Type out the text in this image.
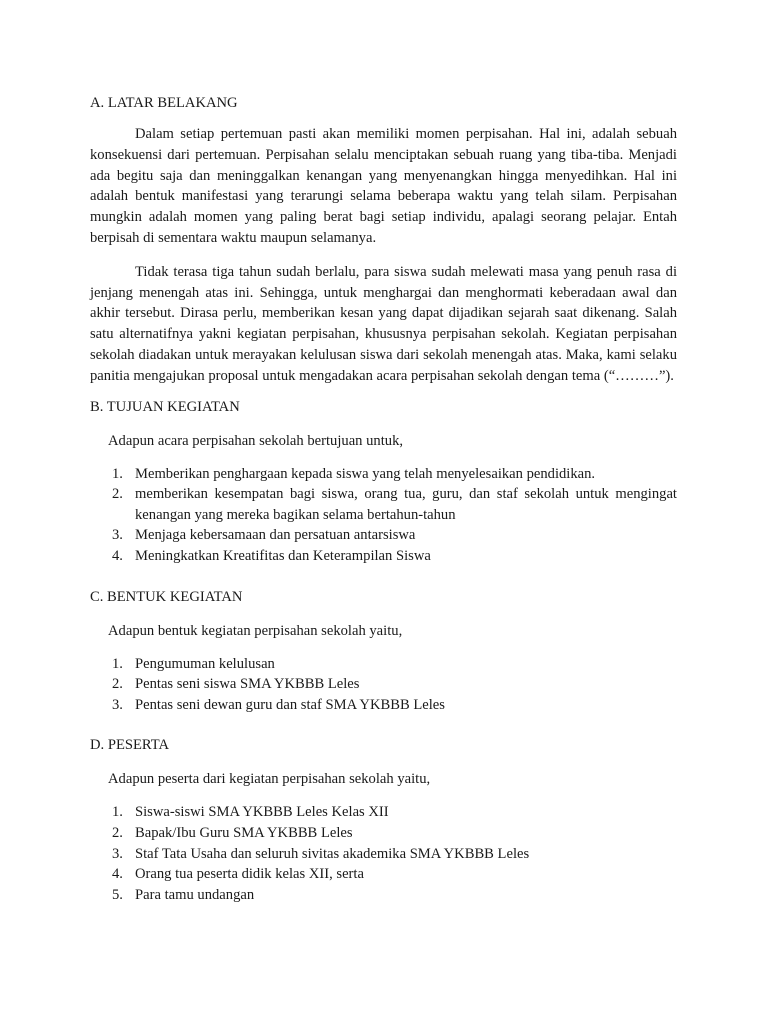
A. LATAR BELAKANG

Dalam setiap pertemuan pasti akan memiliki momen perpisahan. Hal ini, adalah sebuah konsekuensi dari pertemuan. Perpisahan selalu menciptakan sebuah ruang yang tiba-tiba. Menjadi ada begitu saja dan meninggalkan kenangan yang menyenangkan hingga menyedihkan. Hal ini adalah bentuk manifestasi yang terarungi selama beberapa waktu yang telah silam. Perpisahan mungkin adalah momen yang paling berat bagi setiap individu, apalagi seorang pelajar. Entah berpisah di sementara waktu maupun selamanya.

Tidak terasa tiga tahun sudah berlalu, para siswa sudah melewati masa yang penuh rasa di jenjang menengah atas ini. Sehingga, untuk menghargai dan menghormati keberadaan awal dan akhir tersebut. Dirasa perlu, memberikan kesan yang dapat dijadikan sejarah saat dikenang. Salah satu alternatifnya yakni kegiatan perpisahan, khususnya perpisahan sekolah. Kegiatan perpisahan sekolah diadakan untuk merayakan kelulusan siswa dari sekolah menengah atas. Maka, kami selaku panitia mengajukan proposal untuk mengadakan acara perpisahan sekolah dengan tema (“………”).

B. TUJUAN KEGIATAN

Adapun acara perpisahan sekolah bertujuan untuk,

1. Memberikan penghargaan kepada siswa yang telah menyelesaikan pendidikan.
2. memberikan kesempatan bagi siswa, orang tua, guru, dan staf sekolah untuk mengingat kenangan yang mereka bagikan selama bertahun-tahun
3. Menjaga kebersamaan dan persatuan antarsiswa
4. Meningkatkan Kreatifitas dan Keterampilan Siswa
C. BENTUK KEGIATAN

Adapun bentuk kegiatan perpisahan sekolah yaitu,

1. Pengumuman kelulusan
2. Pentas seni siswa SMA YKBBB Leles
3. Pentas seni dewan guru dan staf SMA YKBBB Leles
D. PESERTA

Adapun peserta dari kegiatan perpisahan sekolah yaitu,

1. Siswa-siswi SMA YKBBB Leles Kelas XII
2. Bapak/Ibu Guru SMA YKBBB Leles
3. Staf Tata Usaha dan seluruh sivitas akademika SMA YKBBB Leles
4. Orang tua peserta didik kelas XII, serta
5. Para tamu undangan
